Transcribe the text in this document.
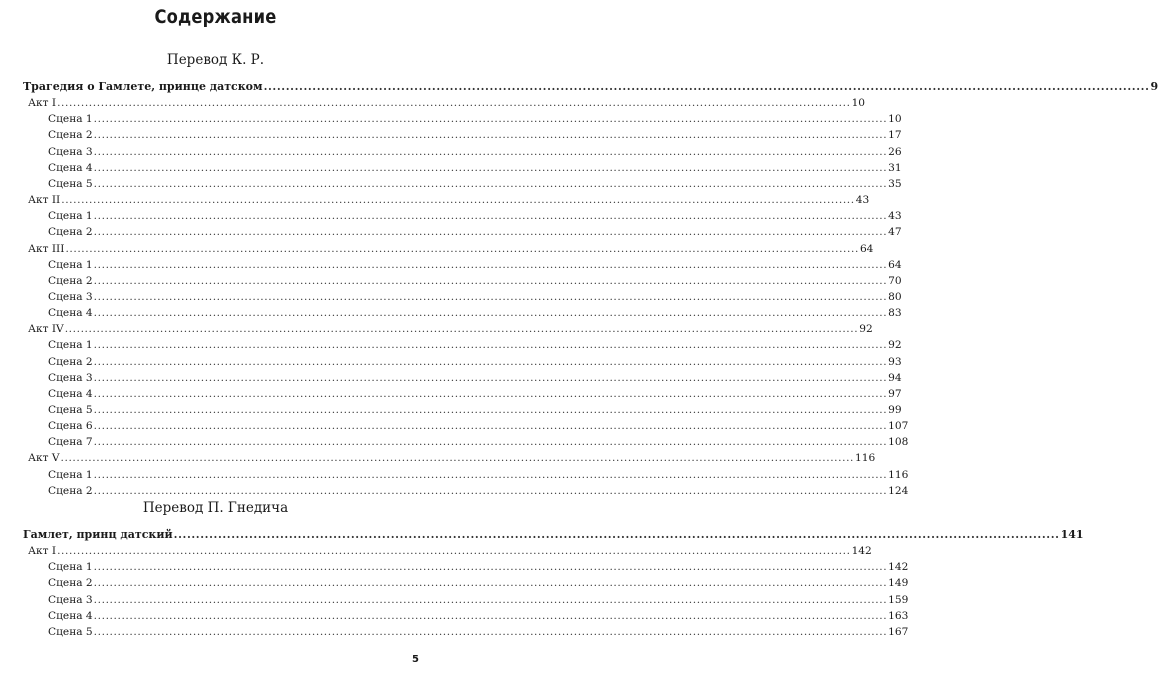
Содержание
Перевод К. Р.
Трагедия о Гамлете, принце датском ........................................................................................................................................................................................................ 9
Акт I ........................................................................................................................................................................................................ 10
Сцена 1 ........................................................................................................................................................................................................ 10
Сцена 2 ........................................................................................................................................................................................................ 17
Сцена 3 ........................................................................................................................................................................................................ 26
Сцена 4 ........................................................................................................................................................................................................ 31
Сцена 5 ........................................................................................................................................................................................................ 35
Акт II ........................................................................................................................................................................................................ 43
Сцена 1 ........................................................................................................................................................................................................ 43
Сцена 2 ........................................................................................................................................................................................................ 47
Акт III ........................................................................................................................................................................................................ 64
Сцена 1 ........................................................................................................................................................................................................ 64
Сцена 2 ........................................................................................................................................................................................................ 70
Сцена 3 ........................................................................................................................................................................................................ 80
Сцена 4 ........................................................................................................................................................................................................ 83
Акт IV ........................................................................................................................................................................................................ 92
Сцена 1 ........................................................................................................................................................................................................ 92
Сцена 2 ........................................................................................................................................................................................................ 93
Сцена 3 ........................................................................................................................................................................................................ 94
Сцена 4 ........................................................................................................................................................................................................ 97
Сцена 5 ........................................................................................................................................................................................................ 99
Сцена 6 ........................................................................................................................................................................................................ 107
Сцена 7 ........................................................................................................................................................................................................ 108
Акт V ........................................................................................................................................................................................................ 116
Сцена 1 ........................................................................................................................................................................................................ 116
Сцена 2 ........................................................................................................................................................................................................ 124
Перевод П. Гнедича
Гамлет, принц датский ........................................................................................................................................................................................................ 141
Акт I ........................................................................................................................................................................................................ 142
Сцена 1 ........................................................................................................................................................................................................ 142
Сцена 2 ........................................................................................................................................................................................................ 149
Сцена 3 ........................................................................................................................................................................................................ 159
Сцена 4 ........................................................................................................................................................................................................ 163
Сцена 5 ........................................................................................................................................................................................................ 167
5
